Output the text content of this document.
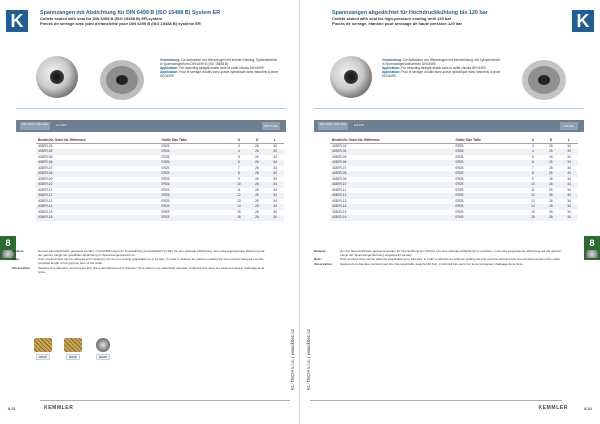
K	Spannzangen mit Abdichtung für DIN 6499 B (ISO 15488 B) System ER
Collets sealed with seal for DIN 6499 B (ISO 15488 B) ER-system
Pinces de serrage avec joint d'étanchéité pour DIN 6499 B (ISO 15488 B) système ER
Verwendung: Zur Aufnahme von Werkzeugen mit innerer Kühlung, Spitzenbereich in Spannzangenform DIN 6499 B (ISO 15488 B).
Application: For mounting straight-shank tools in collet chucks DIN 6499.
Application: Pour le serrage d'outils avec queue cylindrique dans mandrins à pince DIN 6499.
ER collets / ER collet	≤ 0.015	AB 0.5 bar
Bestell-Nr. Order No. Référence	Größe Size Taille	d	D	L
403ER-03	ER25	3	26	34
403ER-04	ER25	4	26	34
403ER-05	ER25	5	26	34
403ER-06	ER25	6	26	34
403ER-07	ER25	7	26	34
403ER-08	ER25	8	26	34
403ER-09	ER25	9	26	34
403ER-10	ER25	10	26	34
403ER-11	ER25	11	26	34
403ER-12	ER25	12	26	34
403ER-13	ER25	13	26	34
403ER-14	ER25	14	26	34
403ER-15	ER25	15	26	34
403ER-16	ER25	16	26	34
8
Hinweis:	Nur der Hennstraft kann gespannt werden, mit Kühlöffnungen für Innenkühlung (einschließlich 21 bar) für eine optimale Abdichtung, wenn das angewendete Werkzeug auf der ganzen Länge der gewählten Abdichtung im Spannzangenbereich ist.
Note:	Only nominal sizes can be clamped with cooling by the front of cooling (applicable up to 21 bar). In order to achieve an optimum sealing the tool must be clamped over the complete length of the gripping bore of the collet.
Observation:	Seulement le diamètre nominal peut être fixé à refroidissement à l'intérieur. Pour obtenir une étanchéité optimale, l'outil doit être serré sur toute la longueur d'alésage de la pince.
KL-TECH s.r.o. | www.kltec.cz
ER25	ER25	ER25
8.31	KEMMLER
K
Spannzangen abgedichtet für Hochdruckkühlung bis 120 bar
Collets sealed with seal for high-pressure cooling until 120 bar
Pinces de serrage, étanche pour arrosage de haute pression 120 bar
Verwendung: Zur Aufnahme von Werkzeugen mit Innenkühlung, mit Zylinderschaft in Spannzangenaufnahmen DIN 6499.
Application: For mounting straight-shank tools in collet chucks DIN 6499.
Application: Pour le serrage d'outils avec queue cylindrique dans mandrins à pince DIN 6499.
ER collets / ER collet	≤ 0.015	120 bar
Bestell-Nr. Order No. Référence	Größe Size Taille	d	D	L
403ER-03	ER25	3	26	34
403ER-04	ER25	4	26	34
403ER-05	ER25	5	26	34
403ER-06	ER25	6	26	34
403ER-07	ER25	7	26	34
403ER-08	ER25	8	26	34
403ER-09	ER25	9	26	34
403ER-10	ER25	10	26	34
403ER-11	ER25	11	26	34
403ER-12	ER25	12	26	34
403ER-13	ER25	13	26	34
403ER-14	ER25	14	26	34
403ER-15	ER25	15	26	34
403ER-16	ER25	16	26	34
8
Hinweis:	Nur der Hennstraft kann gespannt werden für Innenkühlung bis 120 bar. Um eine optimale Abdichtung zu erreichen, muss das eingespannte Werkzeug auf der ganzen Länge der Spannzangenbohrung eingespannt werden.
Note:	Only nominal sizes can be clamped (applicable up to 120 bar). In order to achieve an optimum sealing the tool must be clamped over the complete length of the collet.
Observation:	Seulement le diamètre nominal peut être fixé (applicable jusqu'à 120 bar). L'outil doit être serré sur toute la longueur d'alésage de la pince.
KL-TECH s.r.o. | www.kltec.cz
8.32
KEMMLER
